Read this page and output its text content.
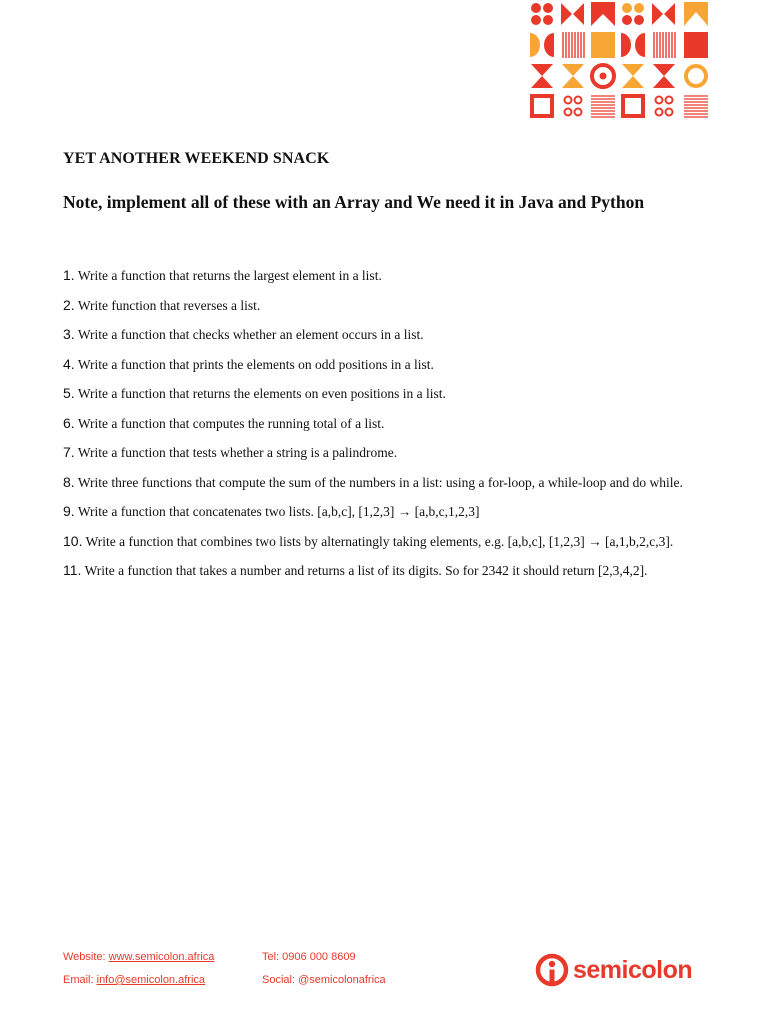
YET ANOTHER WEEKEND SNACK

Note, implement all of these with an Array and We need it in Java and Python

1. Write a function that returns the largest element in a list.
2. Write function that reverses a list.
3. Write a function that checks whether an element occurs in a list.
4. Write a function that prints the elements on odd positions in a list.
5. Write a function that returns the elements on even positions in a list.
6. Write a function that computes the running total of a list.
7. Write a function that tests whether a string is a palindrome.
8. Write three functions that compute the sum of the numbers in a list: using a for-loop, a while-loop and do while.
9. Write a function that concatenates two lists. [a,b,c], [1,2,3] → [a,b,c,1,2,3]
10. Write a function that combines two lists by alternatingly taking elements, e.g. [a,b,c], [1,2,3] → [a,1,b,2,c,3].
11. Write a function that takes a number and returns a list of its digits. So for 2342 it should return [2,3,4,2].
Website: www.semicolon.africa
Email: info@semicolon.africa
Tel: 0906 000 8609
Social: @semicolonafrica	semicolon
